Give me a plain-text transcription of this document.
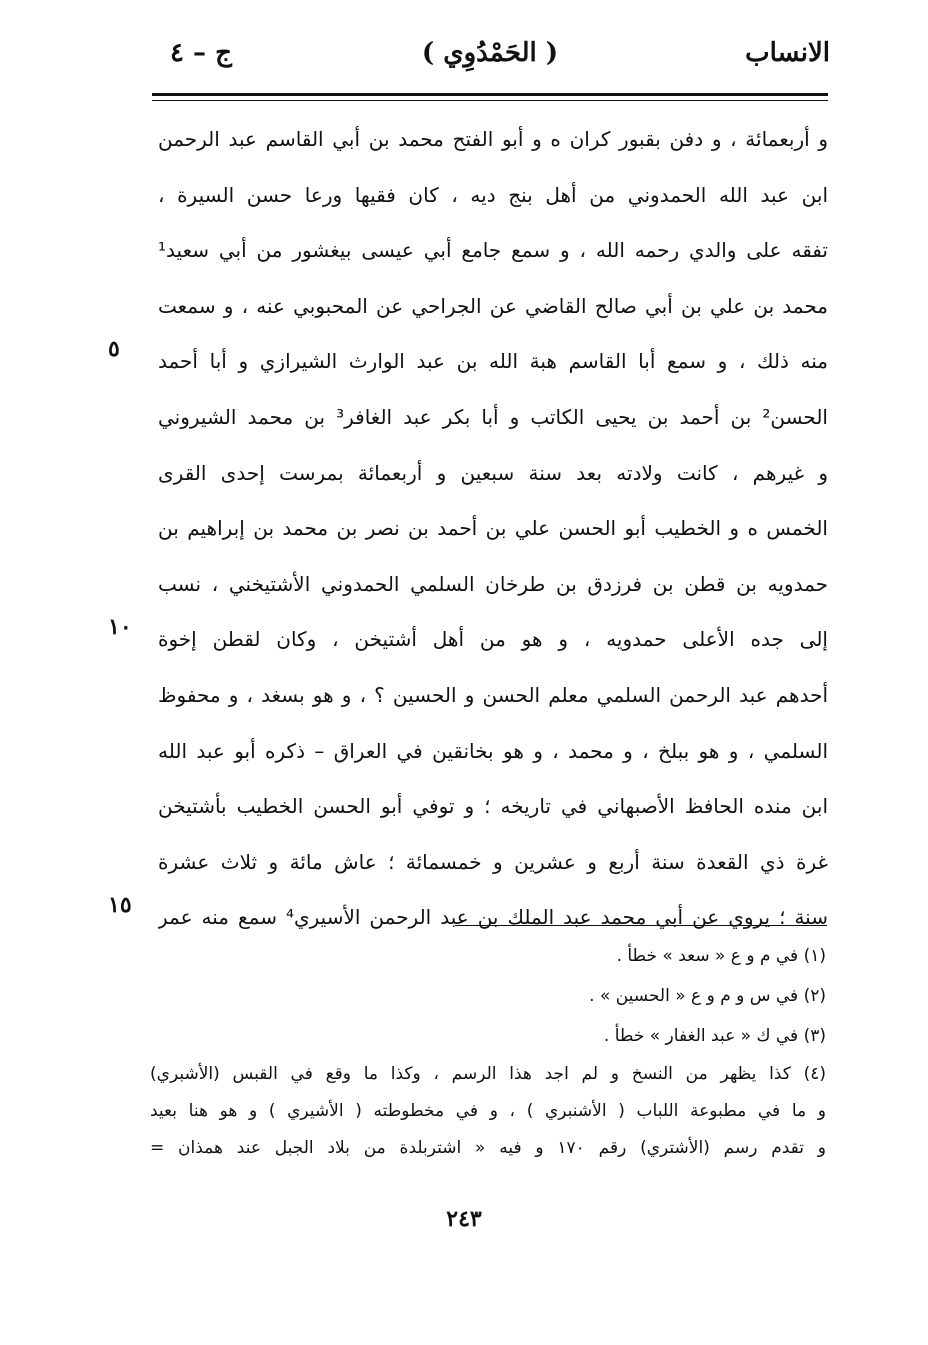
الانساب
( الحَمْدُوِي )
ج – ٤
و أربعمائة ، و دفن بقبور كران ه و أبو الفتح محمد بن أبي القاسم عبد الرحمن
ابن عبد الله الحمدوني من أهل بنج ديه ، كان فقيها ورعا حسن السيرة ،
تفقه على والدي رحمه الله ، و سمع جامع أبي عيسى بيغشور من أبي سعيد¹
محمد بن علي بن أبي صالح القاضي عن الجراحي عن المحبوبي عنه ، و سمعت
منه ذلك ، و سمع أبا القاسم هبة الله بن عبد الوارث الشيرازي و أبا أحمد
الحسن² بن أحمد بن يحيى الكاتب و أبا بكر عبد الغافر³ بن محمد الشيروني
و غيرهم ، كانت ولادته بعد سنة سبعين و أربعمائة بمرست إحدى القرى
الخمس ه و الخطيب أبو الحسن علي بن أحمد بن نصر بن محمد بن إبراهيم بن
حمدويه بن قطن بن فرزدق بن طرخان السلمي الحمدوني الأشتيخني ، نسب
إلى جده الأعلى حمدويه ، و هو من أهل أشتيخن ، وكان لقطن إخوة
أحدهم عبد الرحمن السلمي معلم الحسن و الحسين ؟ ، و هو بسغد ، و محفوظ
السلمي ، و هو ببلخ ، و محمد ، و هو بخانقين في العراق – ذكره أبو عبد الله
ابن منده الحافظ الأصبهاني في تاريخه ؛ و توفي أبو الحسن الخطيب بأشتيخن
غرة ذي القعدة سنة أربع و عشرين و خمسمائة ؛ عاش مائة و ثلاث عشرة
سنة ؛ يروي عن أبي محمد عبد الملك بن عبد الرحمن الأسيري⁴ سمع منه عمر
٥
١٠
١٥
(١) في م و ع « سعد » خطأ .
(٢) في س و م و ع « الحسين » .
(٣) في ك « عبد الغفار » خطأ .
(٤) كذا يظهر من النسخ و لم اجد هذا الرسم ، وكذا ما وقع في القبس (الأشبري)
و ما في مطبوعة اللباب ( الأشنبري ) ، و في مخطوطته ( الأشيري ) و هو هنا بعيد
و تقدم رسم (الأشتري) رقم ١٧٠ و فيه « اشتربلدة من بلاد الجبل عند همذان =
٢٤٣
